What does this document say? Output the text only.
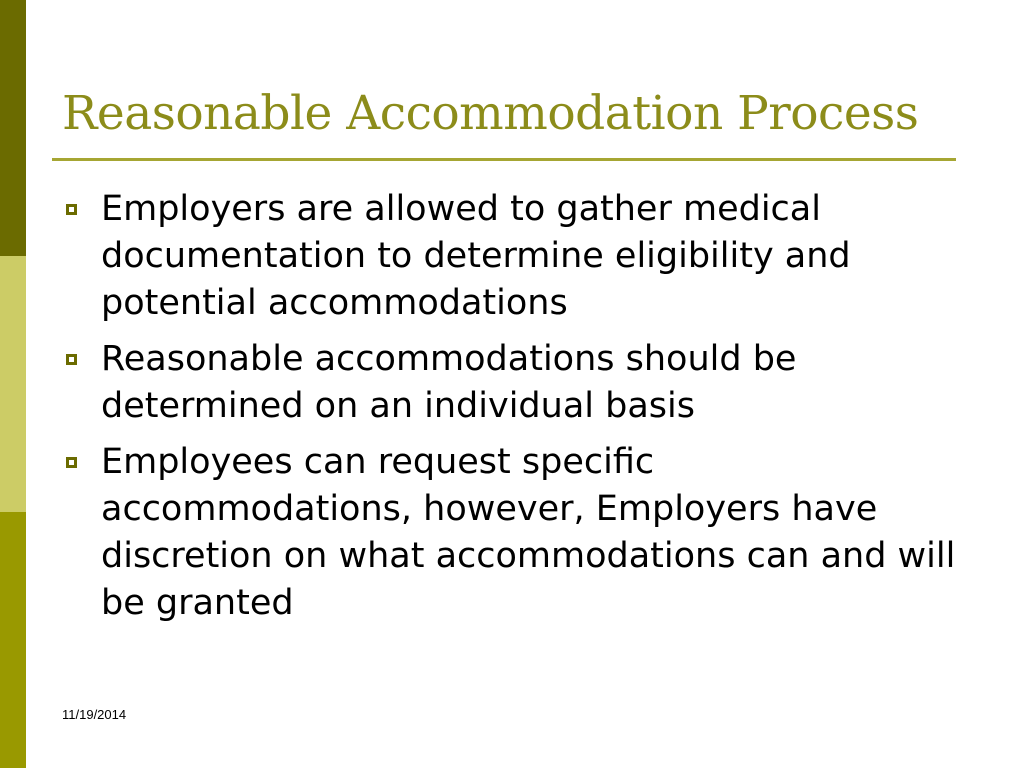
Reasonable Accommodation Process
Employers are allowed to gather medical documentation to determine eligibility and potential accommodations
Reasonable accommodations should be determined on an individual basis
Employees can request specific accommodations, however, Employers have discretion on what accommodations can and will be granted
11/19/2014
